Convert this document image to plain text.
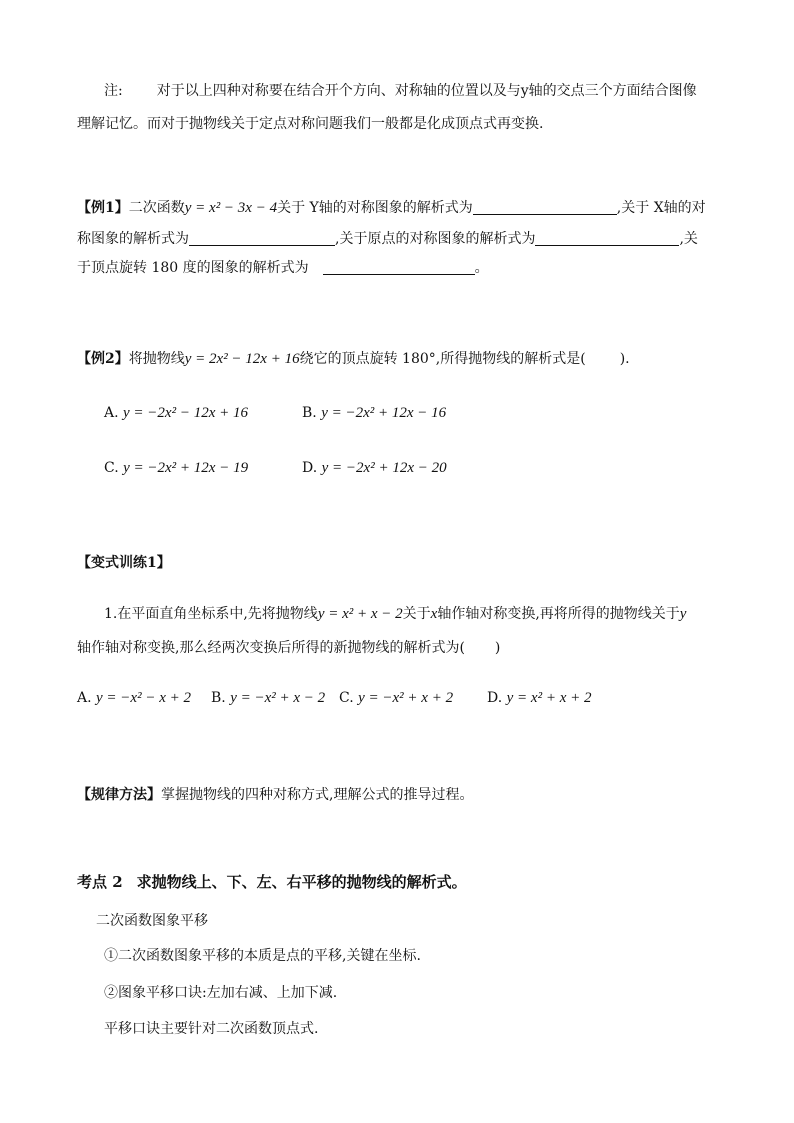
注: 对于以上四种对称要在结合开个方向、对称轴的位置以及与y轴的交点三个方面结合图像
理解记忆。而对于抛物线关于定点对称问题我们一般都是化成顶点式再变换.
【例1】二次函数y = x² − 3x − 4关于 Y轴的对称图象的解析式为	,关于 X轴的对
称图象的解析式为	,关于原点的对称图象的解析式为	,关
于顶点旋转 180 度的图象的解析式为	。
【例2】将抛物线y = 2x² − 12x + 16绕它的顶点旋转 180°,所得抛物线的解析式是( ).
A. y = −2x² − 12x + 16	B. y = −2x² + 12x − 16
C. y = −2x² + 12x − 19	D. y = −2x² + 12x − 20
【变式训练1】
1.在平面直角坐标系中,先将抛物线y = x² + x − 2关于x轴作轴对称变换,再将所得的抛物线关于y
轴作轴对称变换,那么经两次变换后所得的新抛物线的解析式为( )
A. y = −x² − x + 2 B. y = −x² + x − 2 C. y = −x² + x + 2 D. y = x² + x + 2
【规律方法】掌握抛物线的四种对称方式,理解公式的推导过程。
考点 2 求抛物线上、下、左、右平移的抛物线的解析式。
二次函数图象平移
①二次函数图象平移的本质是点的平移,关键在坐标.
②图象平移口诀:左加右减、上加下减.
平移口诀主要针对二次函数顶点式.
